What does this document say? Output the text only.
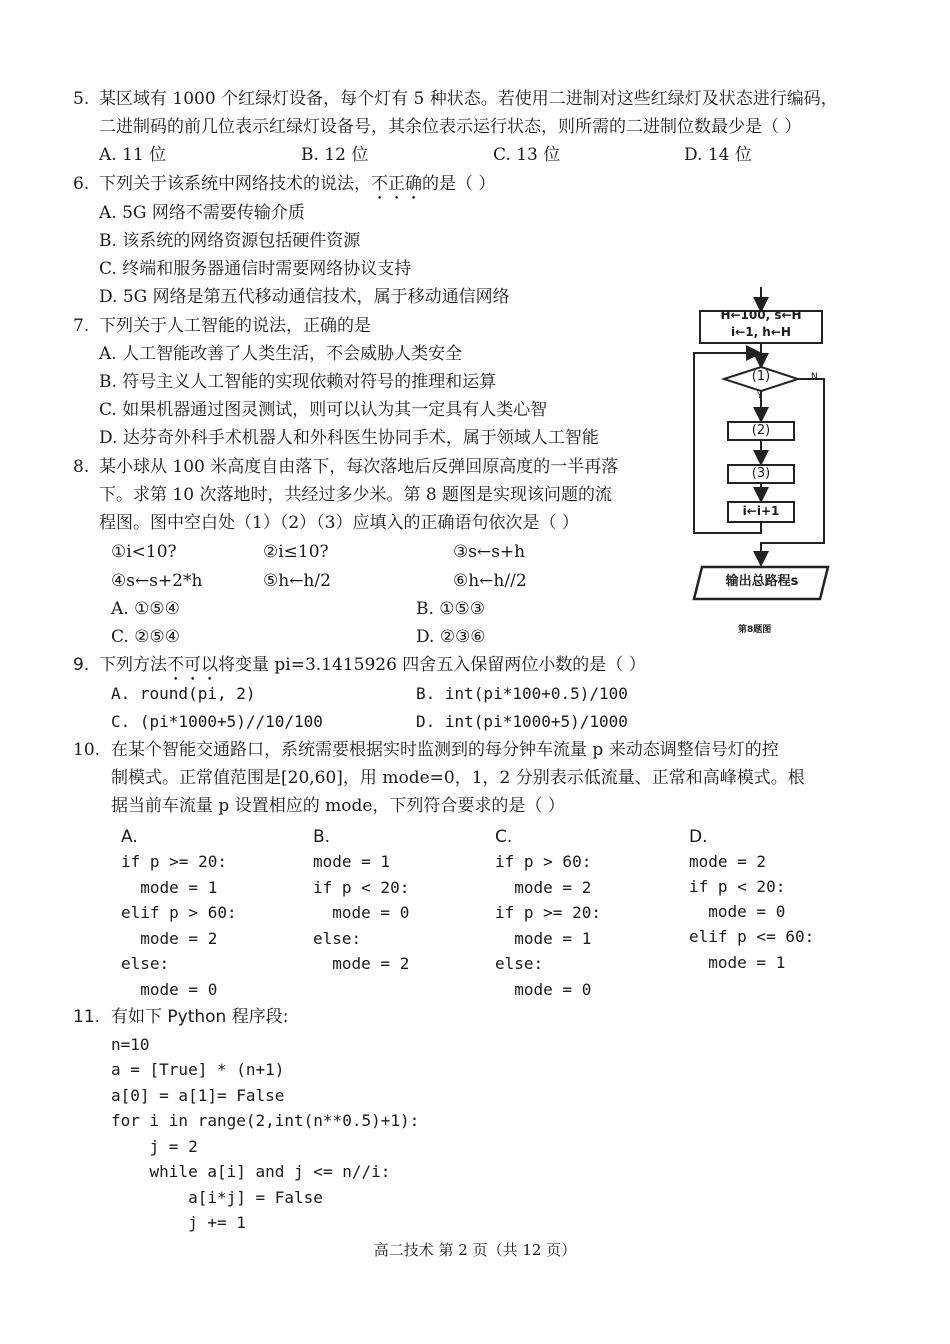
5. 某区域有 1000 个红绿灯设备，每个灯有 5 种状态。若使用二进制对这些红绿灯及状态进行编码，
二进制码的前几位表示红绿灯设备号，其余位表示运行状态，则所需的二进制位数最少是（ ）
A. 11 位	B. 12 位	C. 13 位	D. 14 位
6. 下列关于该系统中网络技术的说法，不正确的是（ ）
A. 5G 网络不需要传输介质
B. 该系统的网络资源包括硬件资源
C. 终端和服务器通信时需要网络协议支持
D. 5G 网络是第五代移动通信技术，属于移动通信网络
7. 下列关于人工智能的说法，正确的是
A. 人工智能改善了人类生活，不会威胁人类安全
B. 符号主义人工智能的实现依赖对符号的推理和运算
C. 如果机器通过图灵测试，则可以认为其一定具有人类心智
D. 达芬奇外科手术机器人和外科医生协同手术，属于领域人工智能
8. 某小球从 100 米高度自由落下，每次落地后反弹回原高度的一半再落
下。求第 10 次落地时，共经过多少米。第 8 题图是实现该问题的流
程图。图中空白处（1）（2）（3）应填入的正确语句依次是（ ）
①i<10?	②i≤10?	③s←s+h
④s←s+2*h	⑤h←h/2	⑥h←h//2
A. ①⑤④	B. ①⑤③
C. ②⑤④	D. ②③⑥
H←100, s←H
i←1, h←H
(1)
Y
N
(2)
(3)
i←i+1
输出总路程s
第8题图
9. 下列方法不可以将变量 pi=3.1415926 四舍五入保留两位小数的是（ ）
A. round(pi, 2)	B. int(pi*100+0.5)/100
C. (pi*1000+5)//10/100	D. int(pi*1000+5)/1000
10. 在某个智能交通路口，系统需要根据实时监测到的每分钟车流量 p 来动态调整信号灯的控
制模式。正常值范围是[20,60]，用 mode=0，1，2 分别表示低流量、正常和高峰模式。根
据当前车流量 p 设置相应的 mode，下列符合要求的是（ ）
A.
if p >= 20:
mode = 1
elif p > 60:
mode = 2
else:
mode = 0
B.
mode = 1
if p < 20:
mode = 0
else:
mode = 2
C.
if p > 60:
mode = 2
if p >= 20:
mode = 1
else:
mode = 0
D.
mode = 2
if p < 20:
mode = 0
elif p <= 60:
mode = 1
11. 有如下 Python 程序段:
n=10
a = [True] * (n+1)
a[0] = a[1]= False
for i in range(2,int(n**0.5)+1):
j = 2
while a[i] and j <= n//i:
a[i*j] = False
j += 1
高二技术 第 2 页（共 12 页）
